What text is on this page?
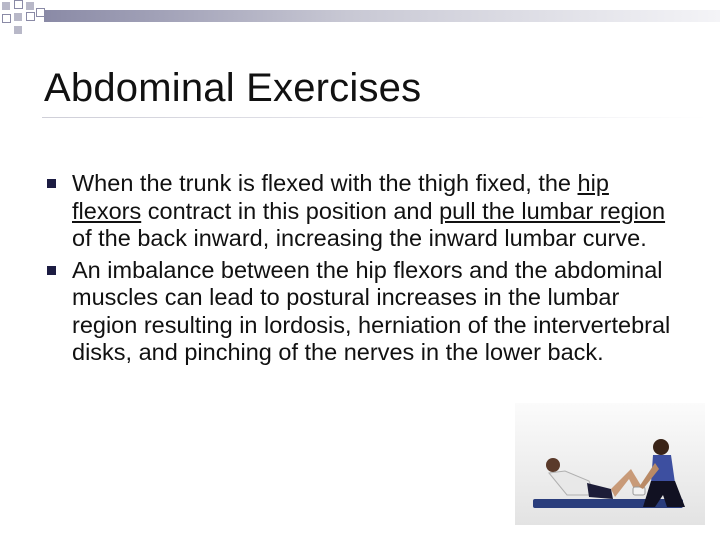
Abdominal Exercises
When the trunk is flexed with the thigh fixed, the hip flexors contract in this position and pull the lumbar region of the back inward, increasing the inward lumbar curve.
An imbalance between the hip flexors and the abdominal muscles can lead to postural increases in the lumbar region resulting in lordosis, herniation of the intervertebral disks, and pinching of the nerves in the lower back.
